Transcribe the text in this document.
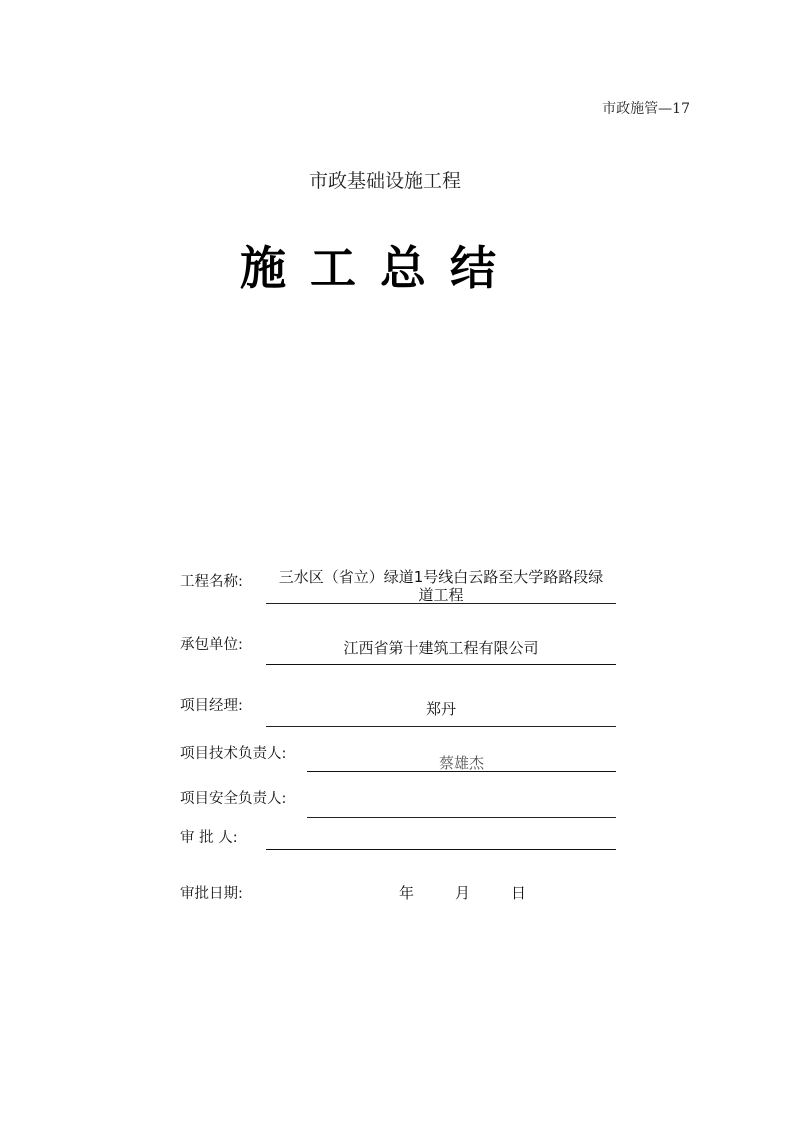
市政施管—17
市政基础设施工程
施工总结
工程名称:	三水区（省立）绿道1号线白云路至大学路路段绿
道工程
承包单位:	江西省第十建筑工程有限公司
项目经理:	郑丹
项目技术负责人:	蔡雄杰
项目安全负责人:
审 批 人:
审批日期:	年	月	日
